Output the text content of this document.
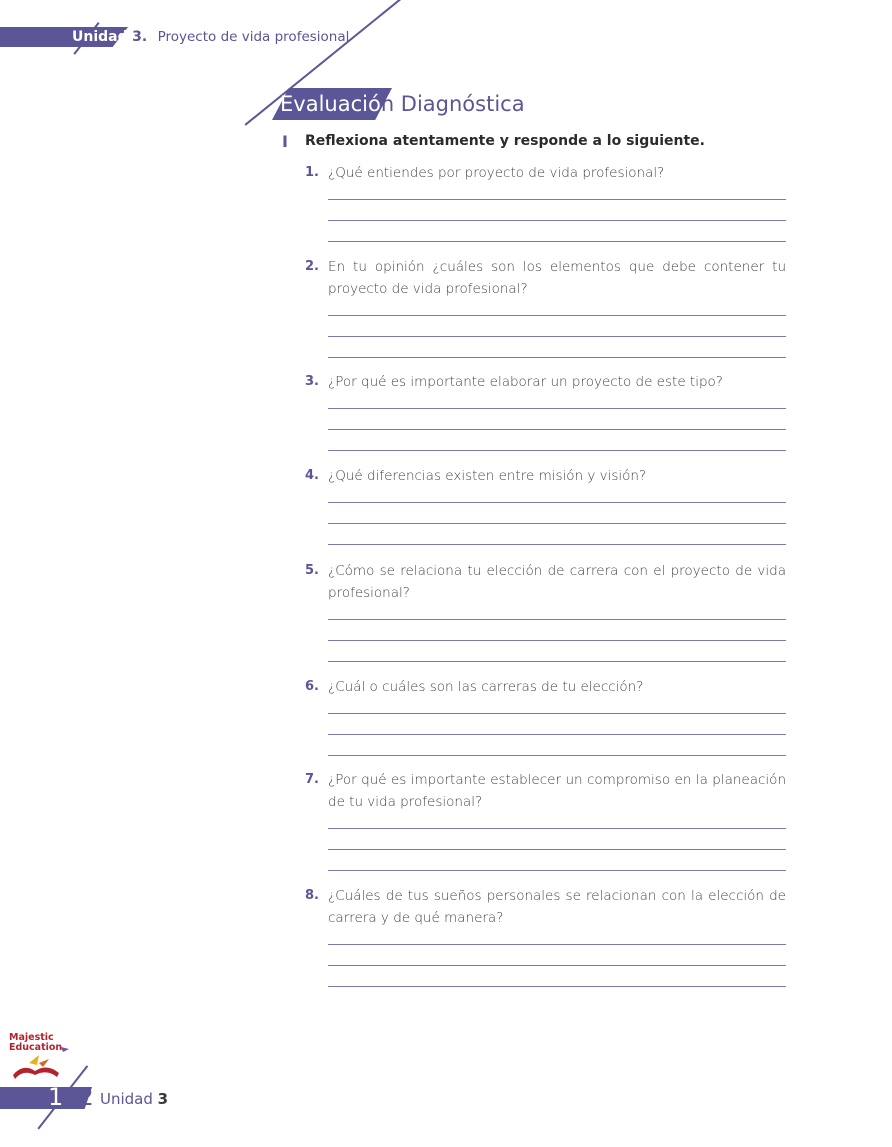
Unidad 3. Proyecto de vida profesional
Evaluación Diagnóstica
I Reflexiona atentamente y responde a lo siguiente.
1. ¿Qué entiendes por proyecto de vida profesional?
2. En tu opinión ¿cuáles son los elementos que debe contener tu proyecto de vida profesional?
3. ¿Por qué es importante elaborar un proyecto de este tipo?
4. ¿Qué diferencias existen entre misión y visión?
5. ¿Cómo se relaciona tu elección de carrera con el proyecto de vida profesional?
6. ¿Cuál o cuáles son las carreras de tu elección?
7. ¿Por qué es importante establecer un compromiso en la planeación de tu vida profesional?
8. ¿Cuáles de tus sueños personales se relacionan con la elección de carrera y de qué manera?
Majestic
Education
112 Unidad 3
